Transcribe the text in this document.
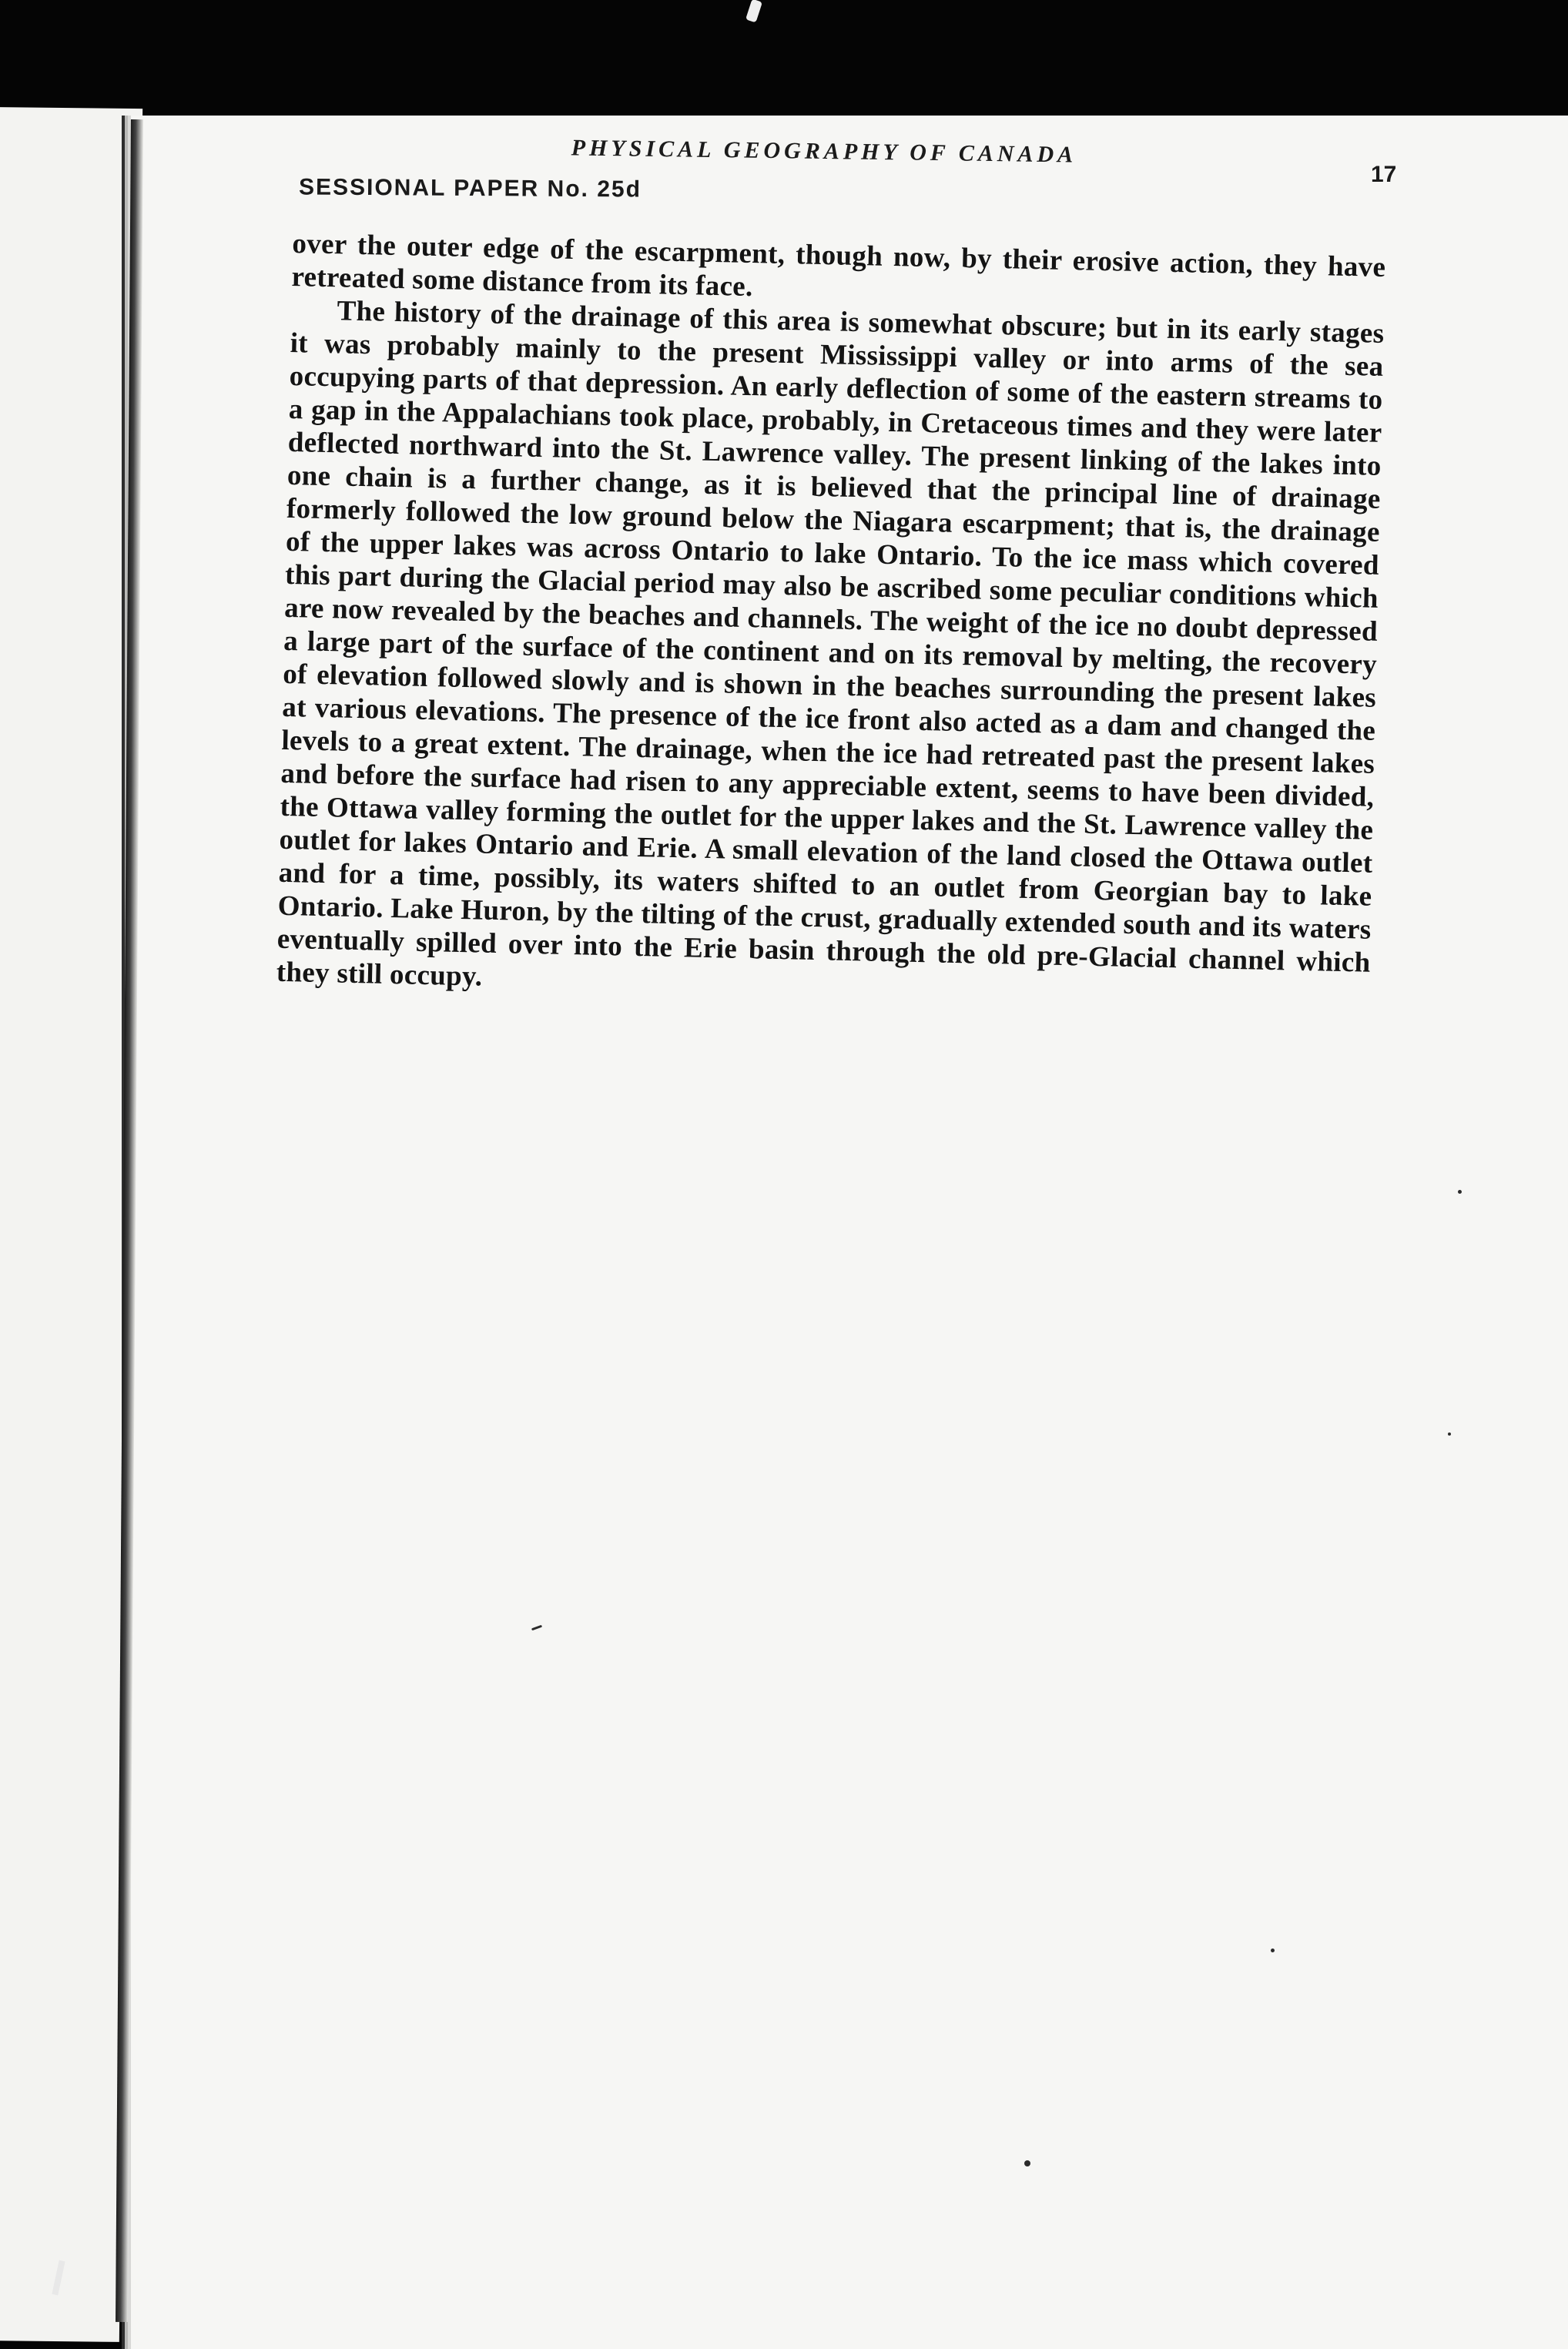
PHYSICAL GEOGRAPHY OF CANADA
17
SESSIONAL PAPER No. 25d

over the outer edge of the escarpment, though now, by their erosive action, they have retreated some distance from its face.

The history of the drainage of this area is somewhat obscure; but in its early stages it was probably mainly to the present Mississippi valley or into arms of the sea occupying parts of that depression. An early deflection of some of the eastern streams to a gap in the Appalachians took place, probably, in Cretaceous times and they were later deflected northward into the St. Lawrence valley. The present linking of the lakes into one chain is a further change, as it is believed that the principal line of drainage formerly followed the low ground below the Niagara escarpment; that is, the drainage of the upper lakes was across Ontario to lake Ontario. To the ice mass which covered this part during the Glacial period may also be ascribed some peculiar conditions which are now revealed by the beaches and channels. The weight of the ice no doubt depressed a large part of the surface of the continent and on its removal by melting, the recovery of elevation followed slowly and is shown in the beaches surrounding the present lakes at various elevations. The presence of the ice front also acted as a dam and changed the levels to a great extent. The drainage, when the ice had retreated past the present lakes and before the surface had risen to any appreciable extent, seems to have been divided, the Ottawa valley forming the outlet for the upper lakes and the St. Lawrence valley the outlet for lakes Ontario and Erie. A small elevation of the land closed the Ottawa outlet and for a time, possibly, its waters shifted to an outlet from Georgian bay to lake Ontario. Lake Huron, by the tilting of the crust, gradually extended south and its waters eventually spilled over into the Erie basin through the old pre-Glacial channel which they still occupy.
